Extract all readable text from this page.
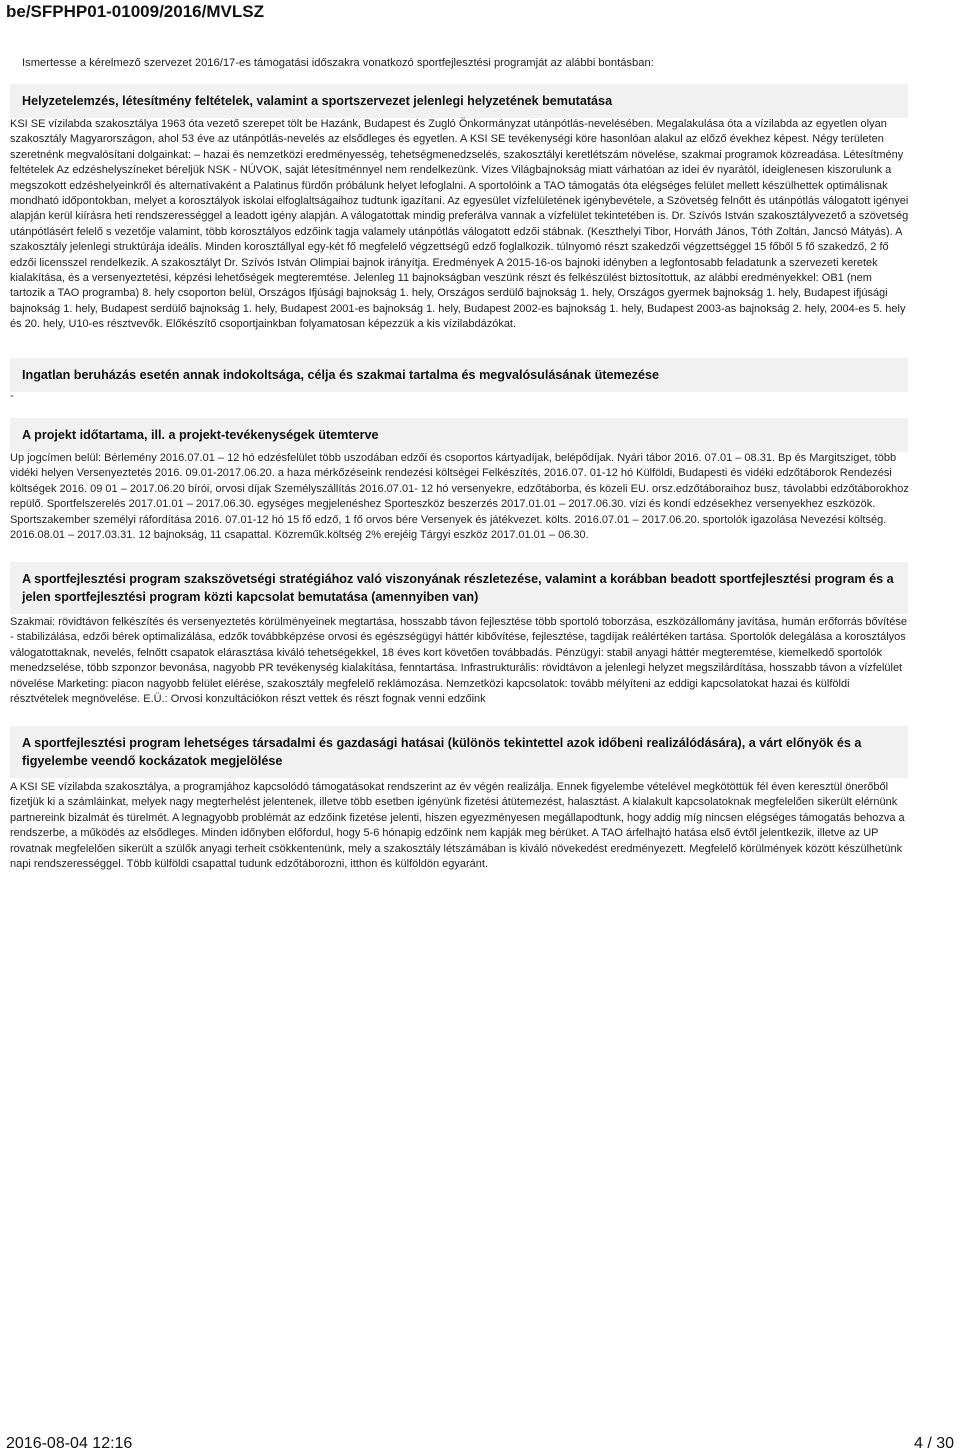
be/SFPHP01-01009/2016/MVLSZ

Ismertesse a kérelmező szervezet 2016/17-es támogatási időszakra vonatkozó sportfejlesztési programját az alábbi bontásban:

Helyzetelemzés, létesítmény feltételek, valamint a sportszervezet jelenlegi helyzetének bemutatása

KSI SE vízilabda szakosztálya 1963 óta vezető szerepet tölt be Hazánk, Budapest és Zugló Önkormányzat utánpótlás-nevelésében. Megalakulása óta a vízilabda az egyetlen olyan szakosztály Magyarországon, ahol 53 éve az utánpótlás-nevelés az elsődleges és egyetlen. A KSI SE tevékenységi köre hasonlóan alakul az előző évekhez képest. Négy területen szeretnénk megvalósítani dolgainkat: – hazai és nemzetközi eredményesség, tehetségmenedzselés, szakosztályi keretlétszám növelése, szakmai programok közreadása. Létesítmény feltételek Az edzéshelyszíneket béreljük NSK - NÚVOK, saját létesítménnyel nem rendelkezünk. Vizes Világbajnokság miatt várhatóan az idei év nyarától, ideiglenesen kiszorulunk a megszokott edzéshelyeinkről és alternatívaként a Palatinus fürdőn próbálunk helyet lefoglalni. A sportolóink a TAO támogatás óta elégséges felület mellett készülhettek optimálisnak mondható időpontokban, melyet a korosztályok iskolai elfoglaltságaihoz tudtunk igazítani. Az egyesület vízfelületének igénybevétele, a Szövetség felnőtt és utánpótlás válogatott igényei alapján kerül kiírásra heti rendszerességgel a leadott igény alapján. A válogatottak mindig preferálva vannak a vízfelület tekintetében is. Dr. Szívós István szakosztályvezető a szövetség utánpótlásért felelő s vezetője valamint, több korosztályos edzőink tagja valamely utánpótlás válogatott edzői stábnak. (Keszthelyi Tibor, Horváth János, Tóth Zoltán, Jancsó Mátyás). A szakosztály jelenlegi struktúrája ideális. Minden korosztállyal egy-két fő megfelelő végzettségű edző foglalkozik. túlnyomó részt szakedzői végzettséggel 15 főből 5 fő szakedző, 2 fő edzői licensszel rendelkezik. A szakosztályt Dr. Szívós István Olimpiai bajnok irányítja. Eredmények A 2015-16-os bajnoki idényben a legfontosabb feladatunk a szervezeti keretek kialakítása, és a versenyeztetési, képzési lehetőségek megteremtése. Jelenleg 11 bajnokságban veszünk részt és felkészülést biztosítottuk, az alábbi eredményekkel: OB1 (nem tartozik a TAO programba) 8. hely csoporton belül, Országos Ifjúsági bajnokság 1. hely, Országos serdülő bajnokság 1. hely, Országos gyermek bajnokság 1. hely, Budapest ifjúsági bajnokság 1. hely, Budapest serdülő bajnokság 1. hely, Budapest 2001-es bajnokság 1. hely, Budapest 2002-es bajnokság 1. hely, Budapest 2003-as bajnokság 2. hely, 2004-es 5. hely és 20. hely, U10-es résztvevők. Előkészítő csoportjainkban folyamatosan képezzük a kis vízilabdázókat.

Ingatlan beruházás esetén annak indokoltsága, célja és szakmai tartalma és megvalósulásának ütemezése

-

A projekt időtartama, ill. a projekt-tevékenységek ütemterve

Up jogcímen belül: Bérlemény 2016.07.01 – 12 hó edzésfelület több uszodában edzői és csoportos kártyadíjak, belépődíjak. Nyári tábor 2016. 07.01 – 08.31. Bp és Margitsziget, több vidéki helyen Versenyeztetés 2016. 09.01-2017.06.20. a haza mérkőzéseink rendezési költségei Felkészítés, 2016.07. 01-12 hó Külföldi, Budapesti és vidéki edzőtáborok Rendezési költségek 2016. 09 01 – 2017.06.20 bírói, orvosi díjak Személyszállítás 2016.07.01- 12 hó versenyekre, edzőtáborba, és közeli EU. orsz.edzőtáboraihoz busz, távolabbi edzőtáborokhoz repülő. Sportfelszerelés 2017.01.01 – 2017.06.30. egységes megjelenéshez Sporteszköz beszerzés 2017.01.01 – 2017.06.30. vízi és kondí edzésekhez versenyekhez eszközök. Sportszakember személyi ráfordítása 2016. 07.01-12 hó 15 fő edző, 1 fő orvos bére Versenyek és játékvezet. költs. 2016.07.01 – 2017.06.20. sportolók igazolása Nevezési költség. 2016.08.01 – 2017.03.31. 12 bajnokság, 11 csapattal. Közreműk.költség 2% erejéig Tárgyi eszköz 2017.01.01 – 06.30.

A sportfejlesztési program szakszövetségi stratégiához való viszonyának részletezése, valamint a korábban beadott sportfejlesztési program és a jelen sportfejlesztési program közti kapcsolat bemutatása (amennyiben van)

Szakmai: rövidtávon felkészítés és versenyeztetés körülményeinek megtartása, hosszabb távon fejlesztése több sportoló toborzása, eszközállomány javítása, humán erőforrás bővítése - stabilizálása, edzői bérek optimalizálása, edzők továbbképzése orvosi és egészségügyi háttér kibővítése, fejlesztése, tagdíjak reálértéken tartása. Sportolók delegálása a korosztályos válogatottaknak, nevelés, felnőtt csapatok elárasztása kiváló tehetségekkel, 18 éves kort követően továbbadás. Pénzügyi: stabil anyagi háttér megteremtése, kiemelkedő sportolók menedzselése, több szponzor bevonása, nagyobb PR tevékenység kialakítása, fenntartása. Infrastrukturális: rövidtávon a jelenlegi helyzet megszilárdítása, hosszabb távon a vízfelület növelése Marketing: piacon nagyobb felület elérése, szakosztály megfelelő reklámozása. Nemzetközi kapcsolatok: tovább mélyíteni az eddigi kapcsolatokat hazai és külföldi résztvételek megnövelése. E.Ü.: Orvosi konzultációkon részt vettek és részt fognak venni edzőink

A sportfejlesztési program lehetséges társadalmi és gazdasági hatásai (különös tekintettel azok időbeni realizálódására), a várt előnyök és a figyelembe veendő kockázatok megjelölése

A KSI SE vízilabda szakosztálya, a programjához kapcsolódó támogatásokat rendszerint az év végén realizálja. Ennek figyelembe vételével megkötöttük fél éven keresztül önerőből fizetjük ki a számláinkat, melyek nagy megterhelést jelentenek, illetve több esetben igényünk fizetési átütemezést, halasztást. A kialakult kapcsolatoknak megfelelően sikerült elérnünk partnereink bizalmát és türelmét. A legnagyobb problémát az edzőink fizetése jelenti, hiszen egyezményesen megállapodtunk, hogy addig míg nincsen elégséges támogatás behozva a rendszerbe, a működés az elsődleges. Minden időnyben előfordul, hogy 5-6 hónapig edzőink nem kapják meg bérüket. A TAO árfelhajtó hatása első évtől jelentkezik, illetve az UP rovatnak megfelelően sikerült a szülők anyagi terheit csökkentenünk, mely a szakosztály létszámában is kiváló növekedést eredményezett. Megfelelő körülmények között készülhetünk napi rendszerességgel. Több külföldi csapattal tudunk edzőtáborozni, itthon és külföldön egyaránt.

2016-08-04 12:16	4 / 30
